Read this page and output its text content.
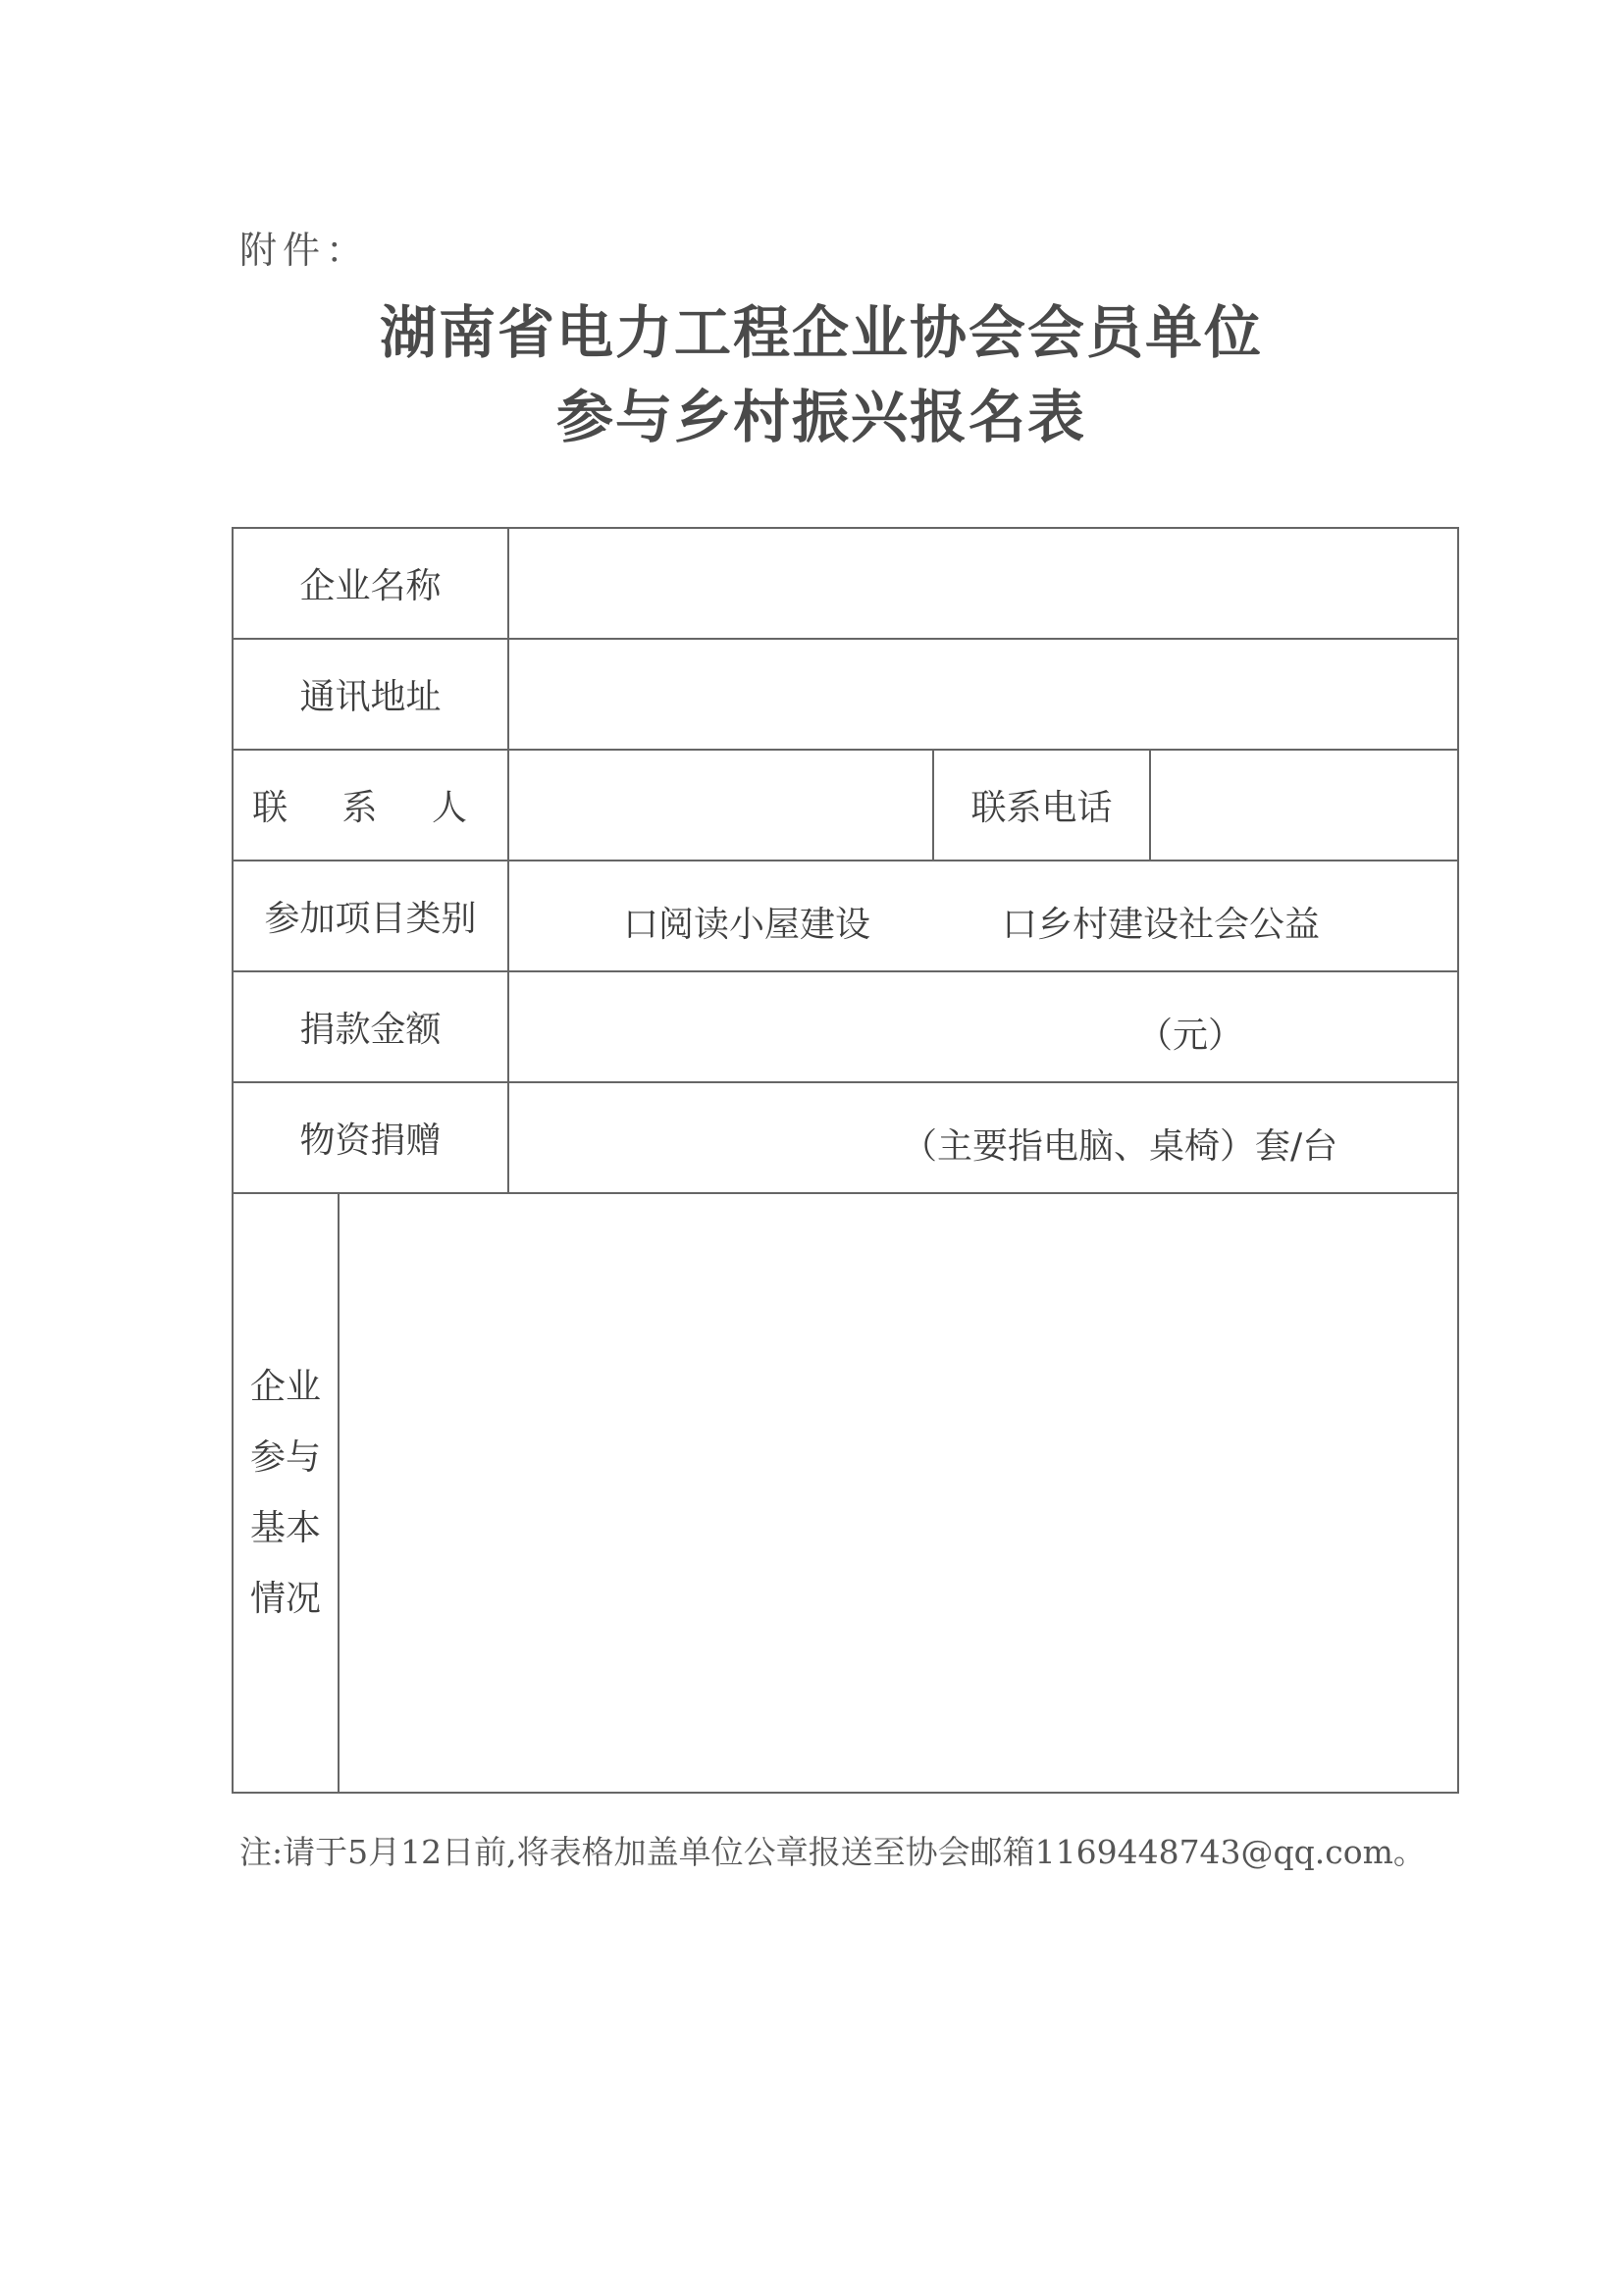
附件：
湖南省电力工程企业协会会员单位
参与乡村振兴报名表
企业名称				
通讯地址				
联 系 人			联系电话	
参加项目类别		口阅读小屋建设 口乡村建设社会公益		

捐款金额		（元）		

物资捐赠		（主要指电脑、桌椅）套/台		

企业
参与
基本
情况				

注:请于5月12日前,将表格加盖单位公章报送至协会邮箱1169448743@qq.com。
